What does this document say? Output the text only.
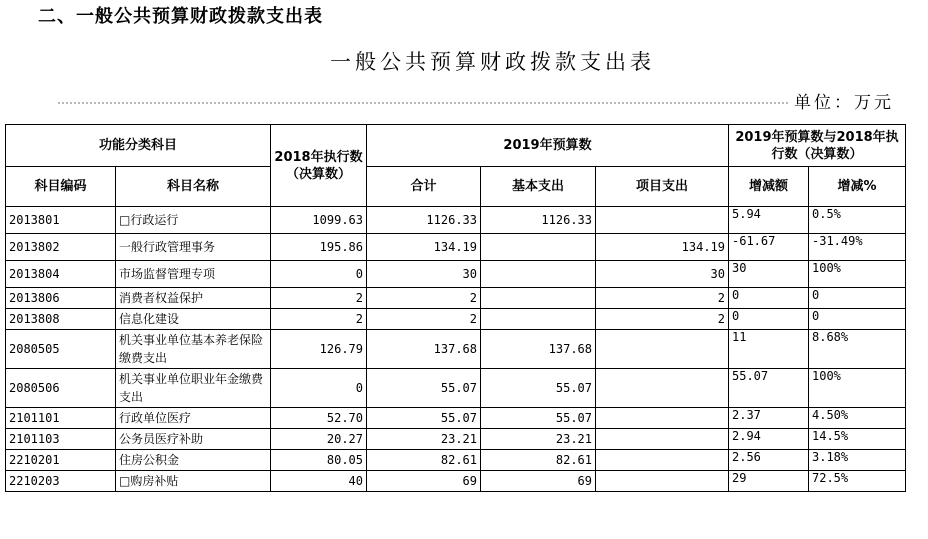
二、一般公共预算财政拨款支出表
一般公共预算财政拨款支出表
单位：万元
功能分类科目		2018年执行数（决算数）	2019年预算数			2019年预算数与2018年执行数（决算数）	
科目编码	科目名称		合计	基本支出	项目支出	增减额	增减%
2013801	□行政运行	1099.63	1126.33	1126.33		5.94	0.5%
2013802	一般行政管理事务	195.86	134.19		134.19	-61.67	-31.49%
2013804	市场监督管理专项	0	30		30	30	100%
2013806	消费者权益保护	2	2		2	0	0
2013808	信息化建设	2	2		2	0	0
2080505	机关事业单位基本养老保险缴费支出	126.79	137.68	137.68		11	8.68%
2080506	机关事业单位职业年金缴费支出	0	55.07	55.07		55.07	100%
2101101	行政单位医疗	52.70	55.07	55.07		2.37	4.50%
2101103	公务员医疗补助	20.27	23.21	23.21		2.94	14.5%
2210201	住房公积金	80.05	82.61	82.61		2.56	3.18%
2210203	□购房补贴	40	69	69		29	72.5%
